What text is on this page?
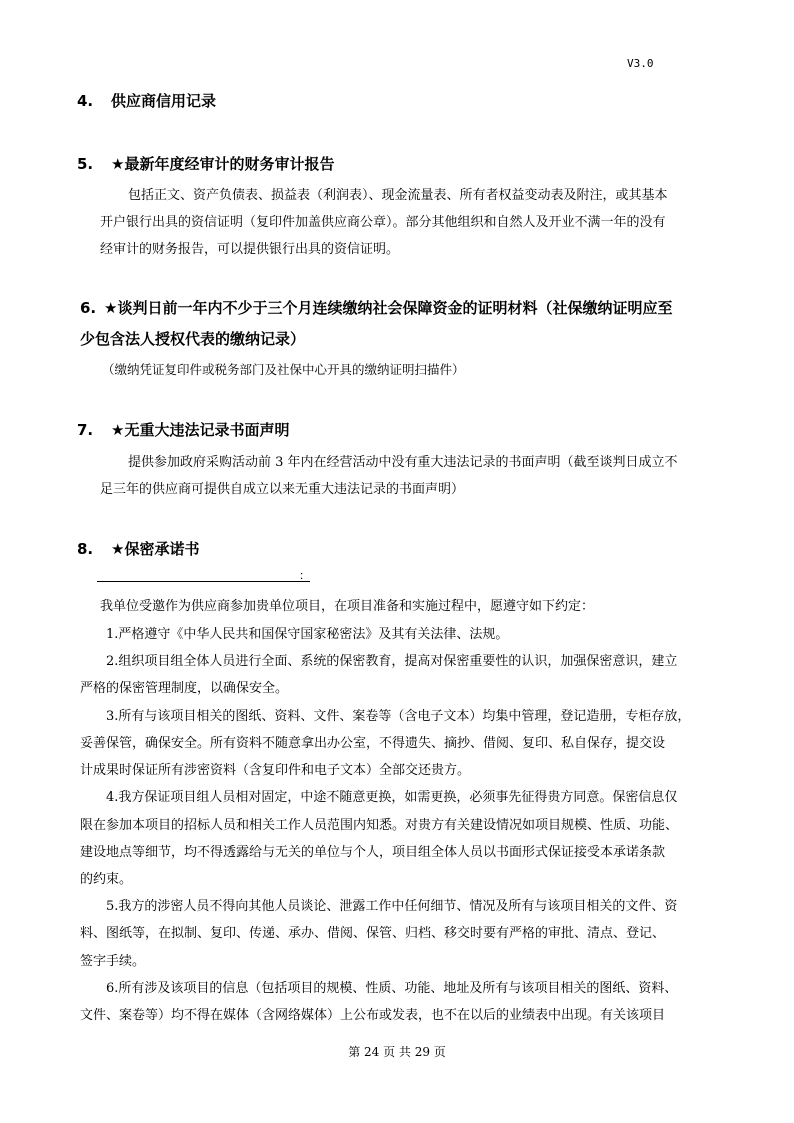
V3.0
4. 供应商信用记录
5. ★最新年度经审计的财务审计报告
包括正文、资产负债表、损益表（利润表）、现金流量表、所有者权益变动表及附注，或其基本
开户银行出具的资信证明（复印件加盖供应商公章）。部分其他组织和自然人及开业不满一年的没有
经审计的财务报告，可以提供银行出具的资信证明。
6. ★谈判日前一年内不少于三个月连续缴纳社会保障资金的证明材料（社保缴纳证明应至
少包含法人授权代表的缴纳记录）
（缴纳凭证复印件或税务部门及社保中心开具的缴纳证明扫描件）
7. ★无重大违法记录书面声明
提供参加政府采购活动前 3 年内在经营活动中没有重大违法记录的书面声明（截至谈判日成立不
足三年的供应商可提供自成立以来无重大违法记录的书面声明）
8. ★保密承诺书
：
我单位受邀作为供应商参加贵单位项目，在项目准备和实施过程中，愿遵守如下约定：
1.严格遵守《中华人民共和国保守国家秘密法》及其有关法律、法规。
2.组织项目组全体人员进行全面、系统的保密教育，提高对保密重要性的认识，加强保密意识，建立
严格的保密管理制度，以确保安全。
3.所有与该项目相关的图纸、资料、文件、案卷等（含电子文本）均集中管理，登记造册，专柜存放，
妥善保管，确保安全。所有资料不随意拿出办公室，不得遗失、摘抄、借阅、复印、私自保存，提交设
计成果时保证所有涉密资料（含复印件和电子文本）全部交还贵方。
4.我方保证项目组人员相对固定，中途不随意更换，如需更换，必须事先征得贵方同意。保密信息仅
限在参加本项目的招标人员和相关工作人员范围内知悉。对贵方有关建设情况如项目规模、性质、功能、
建设地点等细节，均不得透露给与无关的单位与个人，项目组全体人员以书面形式保证接受本承诺条款
的约束。
5.我方的涉密人员不得向其他人员谈论、泄露工作中任何细节、情况及所有与该项目相关的文件、资
料、图纸等，在拟制、复印、传递、承办、借阅、保管、归档、移交时要有严格的审批、清点、登记、
签字手续。
6.所有涉及该项目的信息（包括项目的规模、性质、功能、地址及所有与该项目相关的图纸、资料、
文件、案卷等）均不得在媒体（含网络媒体）上公布或发表，也不在以后的业绩表中出现。有关该项目
第 24 页 共 29 页
